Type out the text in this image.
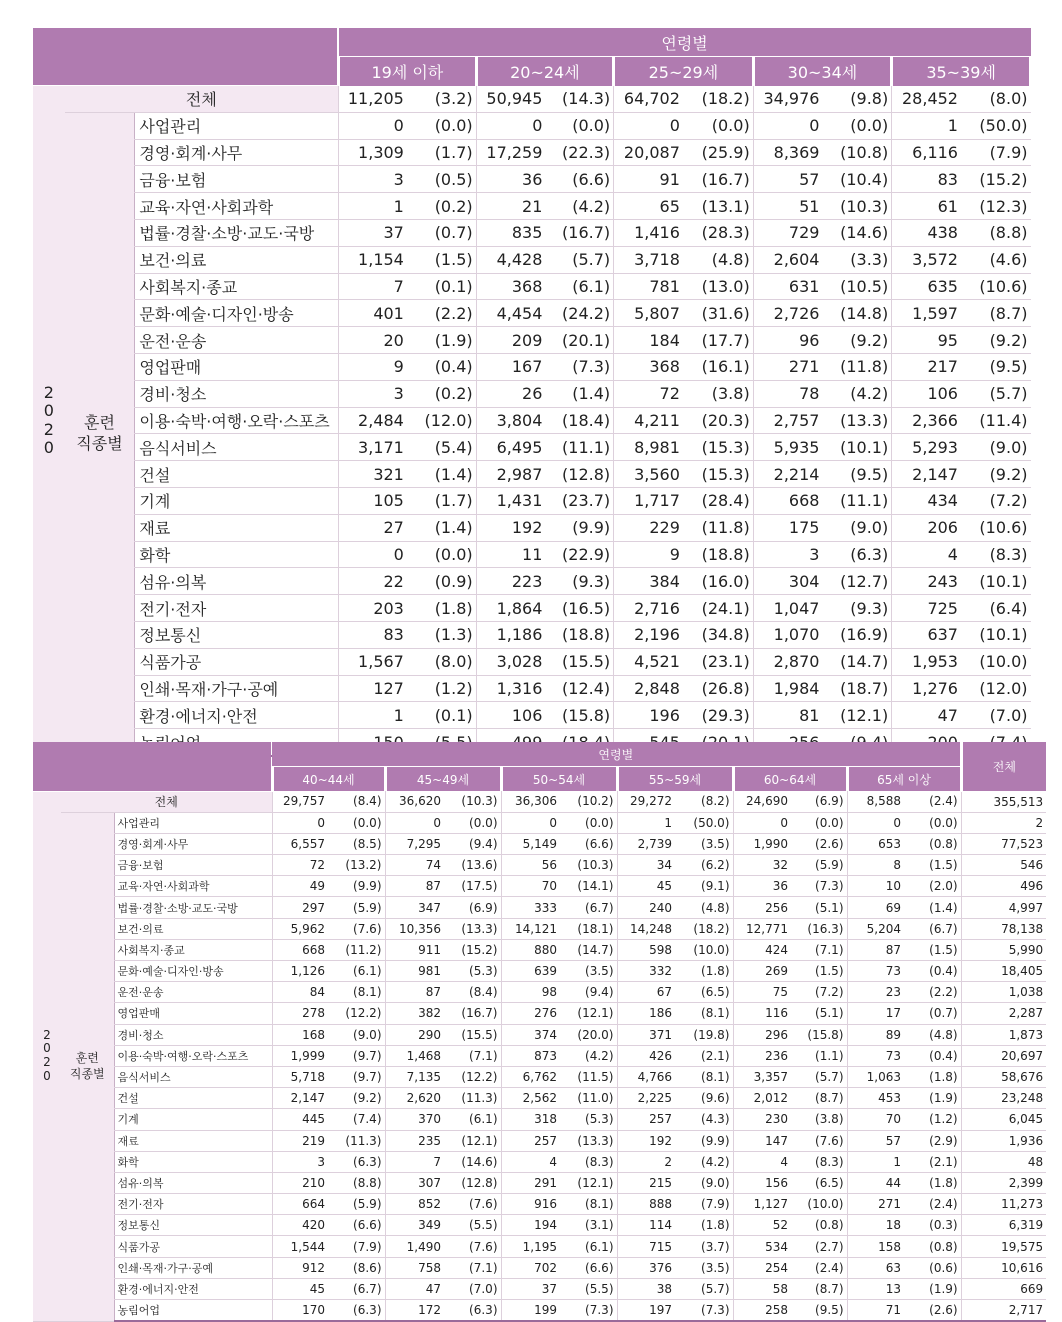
			연령별									
			19세 이하		20~24세		25~29세		30~34세		35~39세	
2
0
2
0	전체		11,205	(3.2)	50,945	(14.3)	64,702	(18.2)	34,976	(9.8)	28,452	(8.0)
	훈련
직종별	사업관리	0	(0.0)	0	(0.0)	0	(0.0)	0	(0.0)	1	(50.0)
		경영·회계·사무	1,309	(1.7)	17,259	(22.3)	20,087	(25.9)	8,369	(10.8)	6,116	(7.9)
		금융·보험	3	(0.5)	36	(6.6)	91	(16.7)	57	(10.4)	83	(15.2)
		교육·자연·사회과학	1	(0.2)	21	(4.2)	65	(13.1)	51	(10.3)	61	(12.3)
		법률·경찰·소방·교도·국방	37	(0.7)	835	(16.7)	1,416	(28.3)	729	(14.6)	438	(8.8)
		보건·의료	1,154	(1.5)	4,428	(5.7)	3,718	(4.8)	2,604	(3.3)	3,572	(4.6)
		사회복지·종교	7	(0.1)	368	(6.1)	781	(13.0)	631	(10.5)	635	(10.6)
		문화·예술·디자인·방송	401	(2.2)	4,454	(24.2)	5,807	(31.6)	2,726	(14.8)	1,597	(8.7)
		운전·운송	20	(1.9)	209	(20.1)	184	(17.7)	96	(9.2)	95	(9.2)
		영업판매	9	(0.4)	167	(7.3)	368	(16.1)	271	(11.8)	217	(9.5)
		경비·청소	3	(0.2)	26	(1.4)	72	(3.8)	78	(4.2)	106	(5.7)
		이용·숙박·여행·오락·스포츠	2,484	(12.0)	3,804	(18.4)	4,211	(20.3)	2,757	(13.3)	2,366	(11.4)
		음식서비스	3,171	(5.4)	6,495	(11.1)	8,981	(15.3)	5,935	(10.1)	5,293	(9.0)
		건설	321	(1.4)	2,987	(12.8)	3,560	(15.3)	2,214	(9.5)	2,147	(9.2)
		기계	105	(1.7)	1,431	(23.7)	1,717	(28.4)	668	(11.1)	434	(7.2)
		재료	27	(1.4)	192	(9.9)	229	(11.8)	175	(9.0)	206	(10.6)
		화학	0	(0.0)	11	(22.9)	9	(18.8)	3	(6.3)	4	(8.3)
		섬유·의복	22	(0.9)	223	(9.3)	384	(16.0)	304	(12.7)	243	(10.1)
		전기·전자	203	(1.8)	1,864	(16.5)	2,716	(24.1)	1,047	(9.3)	725	(6.4)
		정보통신	83	(1.3)	1,186	(18.8)	2,196	(34.8)	1,070	(16.9)	637	(10.1)
		식품가공	1,567	(8.0)	3,028	(15.5)	4,521	(23.1)	2,870	(14.7)	1,953	(10.0)
		인쇄·목재·가구·공예	127	(1.2)	1,316	(12.4)	2,848	(26.8)	1,984	(18.7)	1,276	(12.0)
		환경·에너지·안전	1	(0.1)	106	(15.8)	196	(29.3)	81	(12.1)	47	(7.0)

			연령별												전체
			40~44세		45~49세		50~54세		55~59세		60~64세		65세 이상		
2
0
2
0	전체		29,757	(8.4)	36,620	(10.3)	36,306	(10.2)	29,272	(8.2)	24,690	(6.9)	8,588	(2.4)	355,513
	훈련
직종별	사업관리	0	(0.0)	0	(0.0)	0	(0.0)	1	(50.0)	0	(0.0)	0	(0.0)	2
		경영·회계·사무	6,557	(8.5)	7,295	(9.4)	5,149	(6.6)	2,739	(3.5)	1,990	(2.6)	653	(0.8)	77,523
		금융·보험	72	(13.2)	74	(13.6)	56	(10.3)	34	(6.2)	32	(5.9)	8	(1.5)	546
		교육·자연·사회과학	49	(9.9)	87	(17.5)	70	(14.1)	45	(9.1)	36	(7.3)	10	(2.0)	496
		법률·경찰·소방·교도·국방	297	(5.9)	347	(6.9)	333	(6.7)	240	(4.8)	256	(5.1)	69	(1.4)	4,997
		보건·의료	5,962	(7.6)	10,356	(13.3)	14,121	(18.1)	14,248	(18.2)	12,771	(16.3)	5,204	(6.7)	78,138
		사회복지·종교	668	(11.2)	911	(15.2)	880	(14.7)	598	(10.0)	424	(7.1)	87	(1.5)	5,990
		문화·예술·디자인·방송	1,126	(6.1)	981	(5.3)	639	(3.5)	332	(1.8)	269	(1.5)	73	(0.4)	18,405
		운전·운송	84	(8.1)	87	(8.4)	98	(9.4)	67	(6.5)	75	(7.2)	23	(2.2)	1,038
		영업판매	278	(12.2)	382	(16.7)	276	(12.1)	186	(8.1)	116	(5.1)	17	(0.7)	2,287
		경비·청소	168	(9.0)	290	(15.5)	374	(20.0)	371	(19.8)	296	(15.8)	89	(4.8)	1,873
		이용·숙박·여행·오락·스포츠	1,999	(9.7)	1,468	(7.1)	873	(4.2)	426	(2.1)	236	(1.1)	73	(0.4)	20,697
		음식서비스	5,718	(9.7)	7,135	(12.2)	6,762	(11.5)	4,766	(8.1)	3,357	(5.7)	1,063	(1.8)	58,676
		건설	2,147	(9.2)	2,620	(11.3)	2,562	(11.0)	2,225	(9.6)	2,012	(8.7)	453	(1.9)	23,248
		기계	445	(7.4)	370	(6.1)	318	(5.3)	257	(4.3)	230	(3.8)	70	(1.2)	6,045
		재료	219	(11.3)	235	(12.1)	257	(13.3)	192	(9.9)	147	(7.6)	57	(2.9)	1,936
		화학	3	(6.3)	7	(14.6)	4	(8.3)	2	(4.2)	4	(8.3)	1	(2.1)	48
		섬유·의복	210	(8.8)	307	(12.8)	291	(12.1)	215	(9.0)	156	(6.5)	44	(1.8)	2,399
		전기·전자	664	(5.9)	852	(7.6)	916	(8.1)	888	(7.9)	1,127	(10.0)	271	(2.4)	11,273
		정보통신	420	(6.6)	349	(5.5)	194	(3.1)	114	(1.8)	52	(0.8)	18	(0.3)	6,319
		식품가공	1,544	(7.9)	1,490	(7.6)	1,195	(6.1)	715	(3.7)	534	(2.7)	158	(0.8)	19,575
		인쇄·목재·가구·공예	912	(8.6)	758	(7.1)	702	(6.6)	376	(3.5)	254	(2.4)	63	(0.6)	10,616
		환경·에너지·안전	45	(6.7)	47	(7.0)	37	(5.5)	38	(5.7)	58	(8.7)	13	(1.9)	669
		농림어업	170	(6.3)	172	(6.3)	199	(7.3)	197	(7.3)	258	(9.5)	71	(2.6)	2,717
